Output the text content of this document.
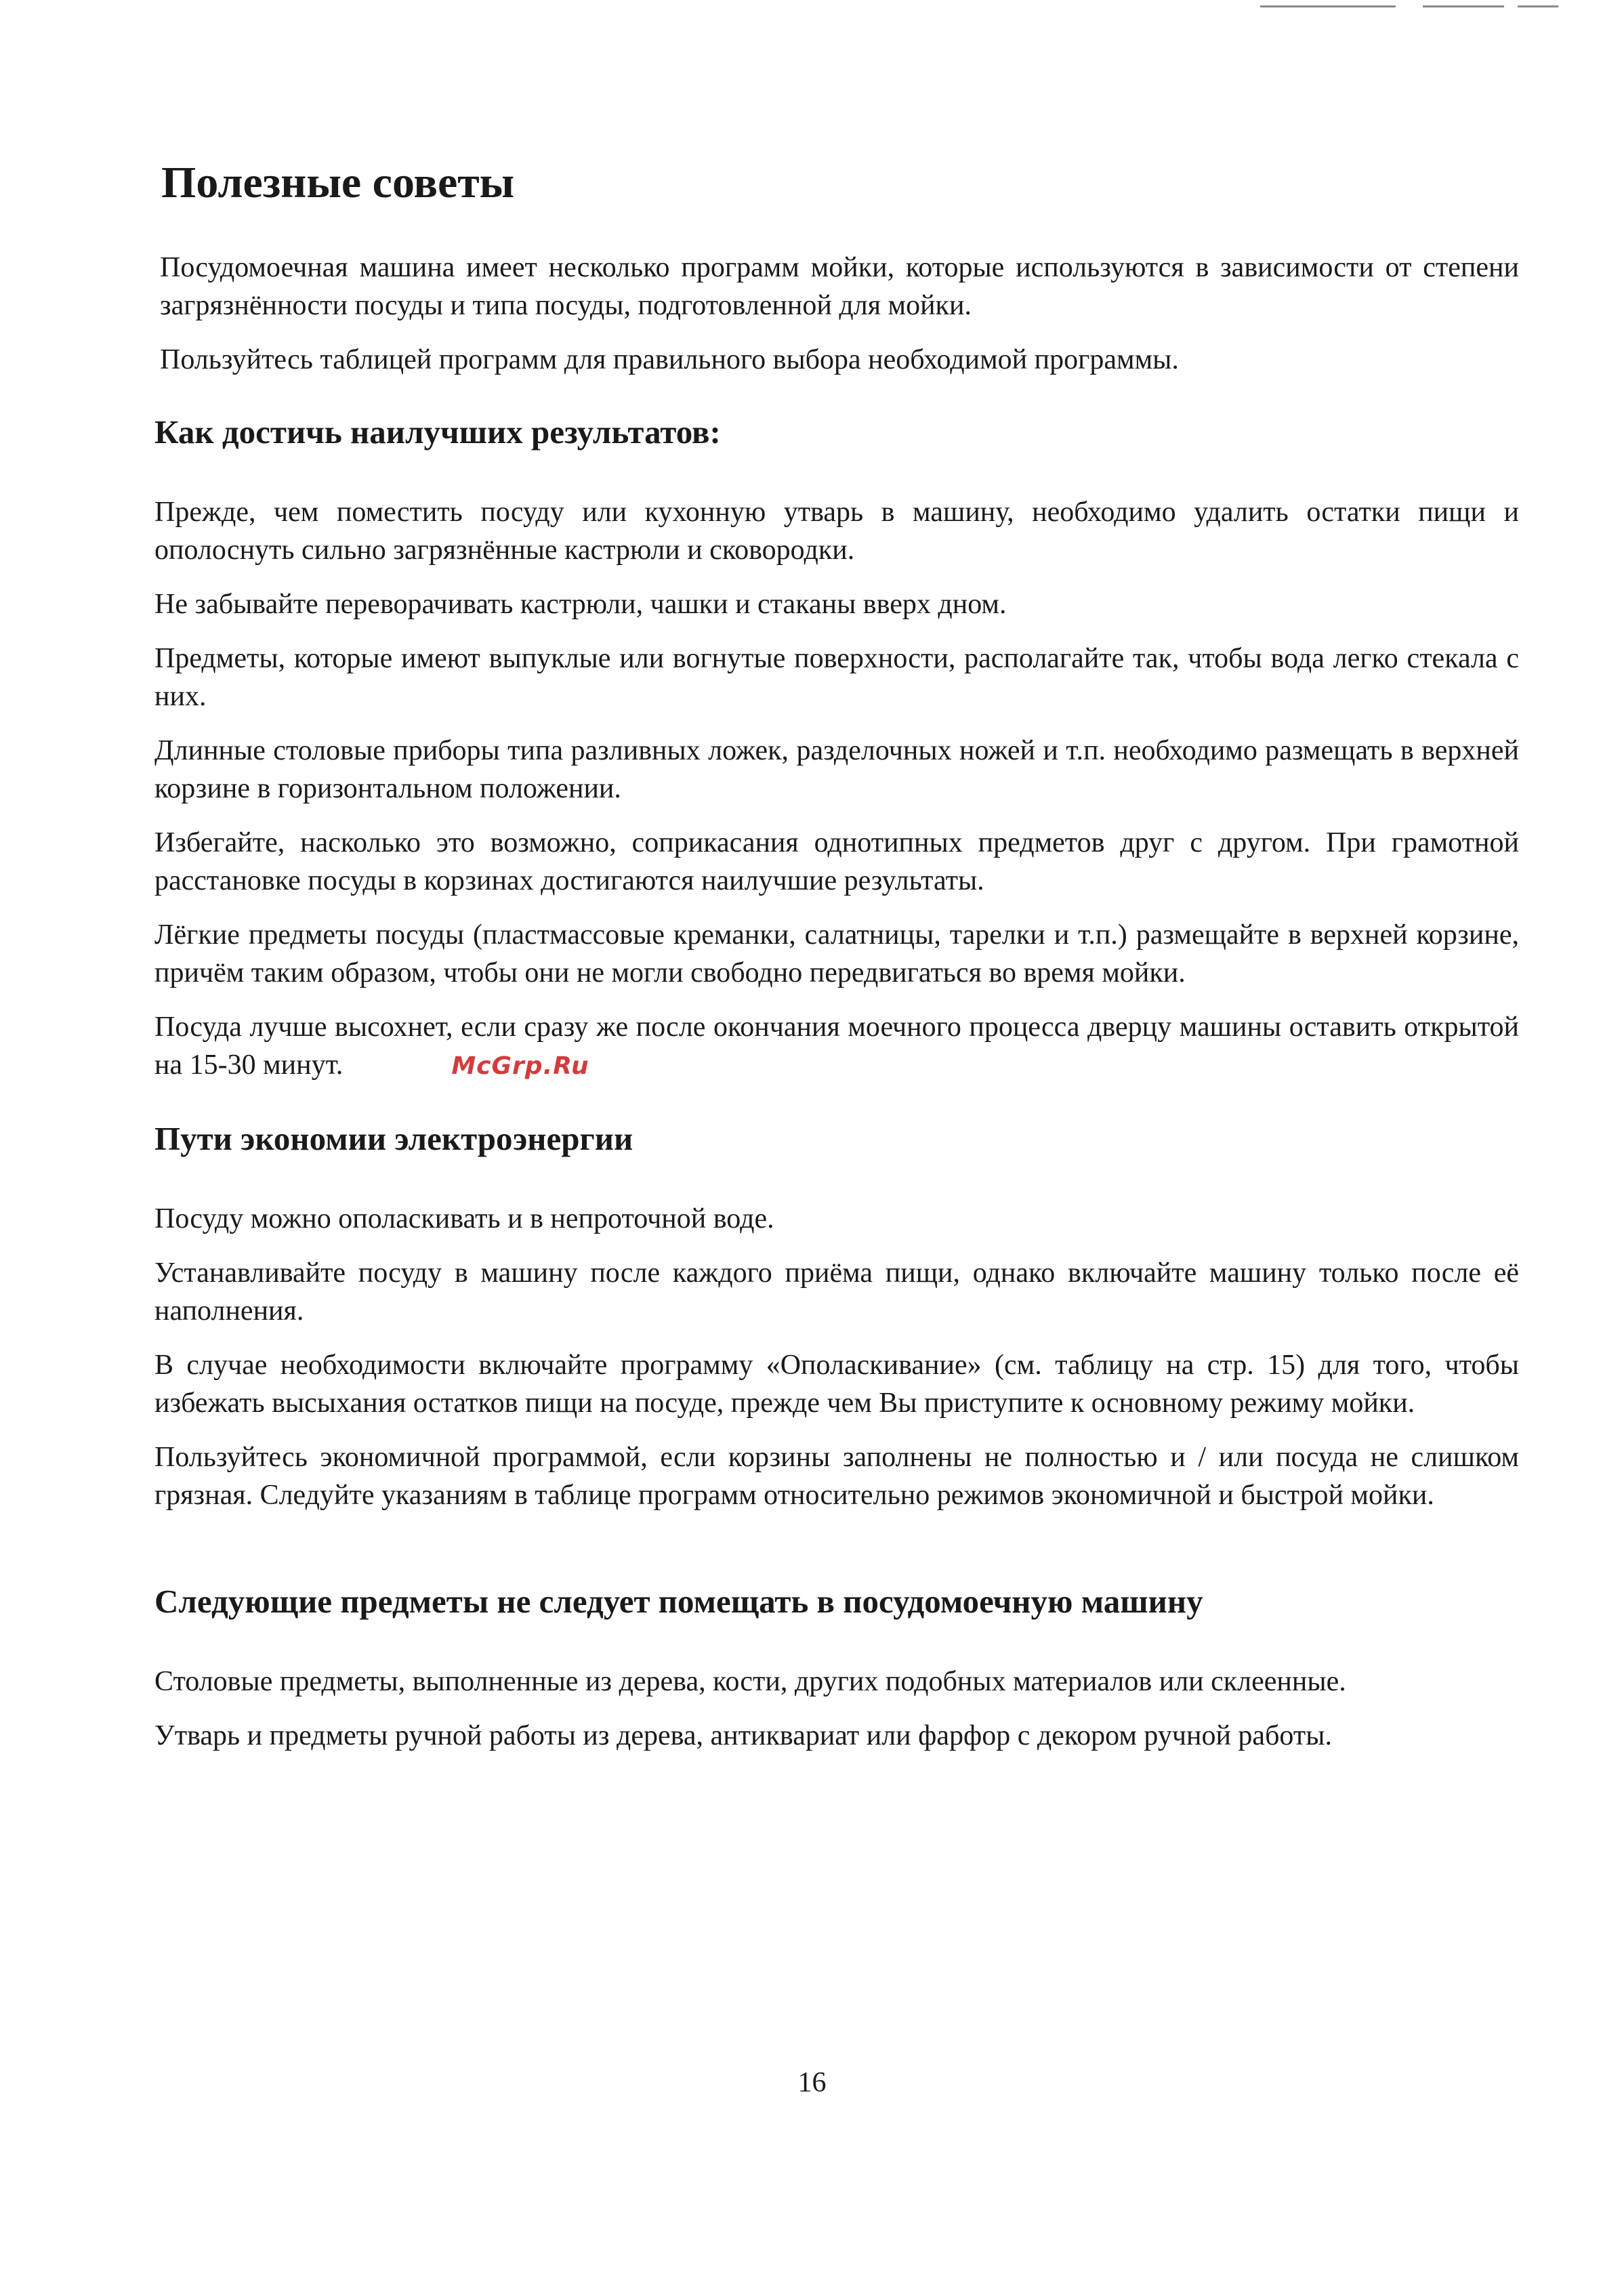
Полезные советы

Посудомоечная машина имеет несколько программ мойки, которые используются в зависимости от степени загрязнённости посуды и типа посуды, подготовленной для мойки.

Пользуйтесь таблицей программ для правильного выбора необходимой программы.

Как достичь наилучших результатов:

Прежде, чем поместить посуду или кухонную утварь в машину, необходимо удалить остатки пищи и ополоснуть сильно загрязнённые кастрюли и сковородки.

Не забывайте переворачивать кастрюли, чашки и стаканы вверх дном.

Предметы, которые имеют выпуклые или вогнутые поверхности, располагайте так, чтобы вода легко стекала с них.

Длинные столовые приборы типа разливных ложек, разделочных ножей и т.п. необходимо размещать в верхней корзине в горизонтальном положении.

Избегайте, насколько это возможно, соприкасания однотипных предметов друг с другом. При грамотной расстановке посуды в корзинах достигаются наилучшие результаты.

Лёгкие предметы посуды (пластмассовые креманки, салатницы, тарелки и т.п.) размещайте в верхней корзине, причём таким образом, чтобы они не могли свободно передвигаться во время мойки.

Посуда лучше высохнет, если сразу же после окончания моечного процесса дверцу машины оставить открытой на 15-30 минут.	McGrp.Ru

Пути экономии электроэнергии

Посуду можно ополаскивать и в непроточной воде.

Устанавливайте посуду в машину после каждого приёма пищи, однако включайте машину только после её наполнения.

В случае необходимости включайте программу «Ополаскивание» (см. таблицу на стр. 15) для того, чтобы избежать высыхания остатков пищи на посуде, прежде чем Вы приступите к основному режиму мойки.

Пользуйтесь экономичной программой, если корзины заполнены не полностью и / или посуда не слишком грязная. Следуйте указаниям в таблице программ относительно режимов экономичной и быстрой мойки.

Следующие предметы не следует помещать в посудомоечную машину

Столовые предметы, выполненные из дерева, кости, других подобных материалов или склеенные.

Утварь и предметы ручной работы из дерева, антиквариат или фарфор с декором ручной работы.

16
